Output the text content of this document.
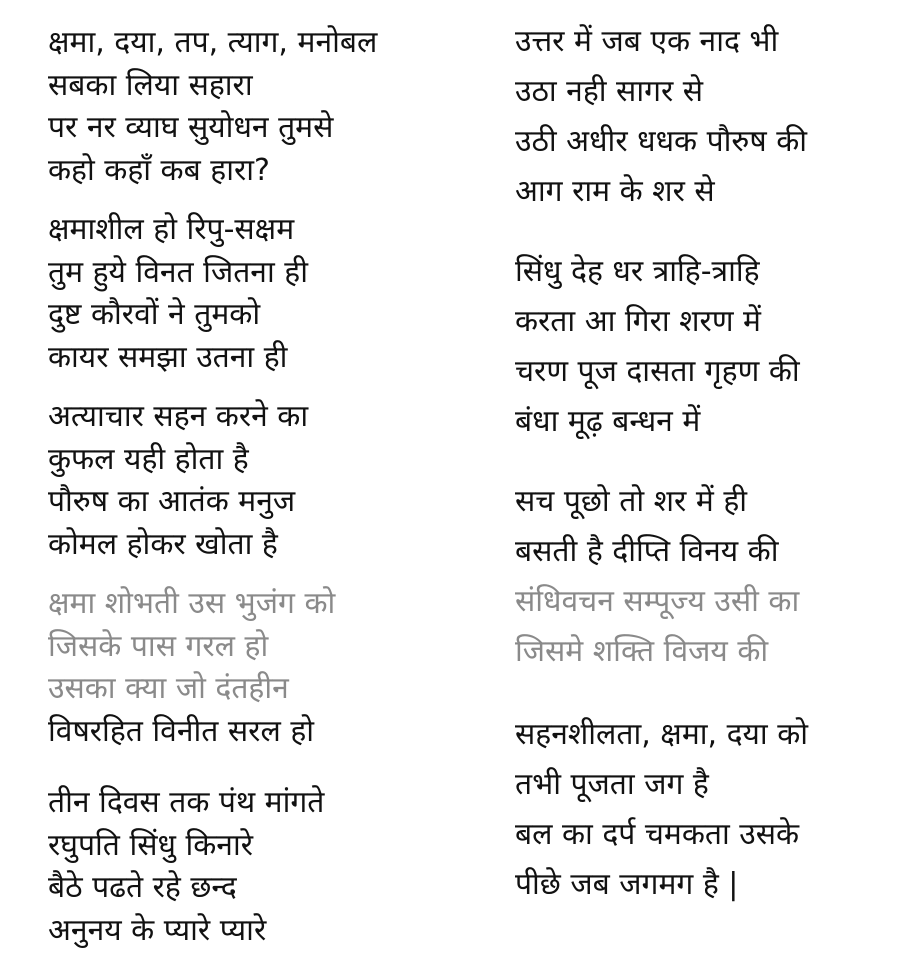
क्षमा, दया, तप, त्याग, मनोबल
सबका लिया सहारा
पर नर व्याघ सुयोधन तुमसे
कहो कहाँ कब हारा?
क्षमाशील हो रिपु-सक्षम
तुम हुये विनत जितना ही
दुष्ट कौरवों ने तुमको
कायर समझा उतना ही
अत्याचार सहन करने का
कुफल यही होता है
पौरुष का आतंक मनुज
कोमल होकर खोता है
क्षमा शोभती उस भुजंग को
जिसके पास गरल हो
उसका क्या जो दंतहीन
विषरहित विनीत सरल हो
तीन दिवस तक पंथ मांगते
रघुपति सिंधु किनारे
बैठे पढते रहे छन्द
अनुनय के प्यारे प्यारे
उत्तर में जब एक नाद भी
उठा नही सागर से
उठी अधीर धधक पौरुष की
आग राम के शर से
सिंधु देह धर त्राहि-त्राहि
करता आ गिरा शरण में
चरण पूज दासता गृहण की
बंधा मूढ़ बन्धन में
सच पूछो तो शर में ही
बसती है दीप्ति विनय की
संधिवचन सम्पूज्य उसी का
जिसमे शक्ति विजय की
सहनशीलता, क्षमा, दया को
तभी पूजता जग है
बल का दर्प चमकता उसके
पीछे जब जगमग है |
